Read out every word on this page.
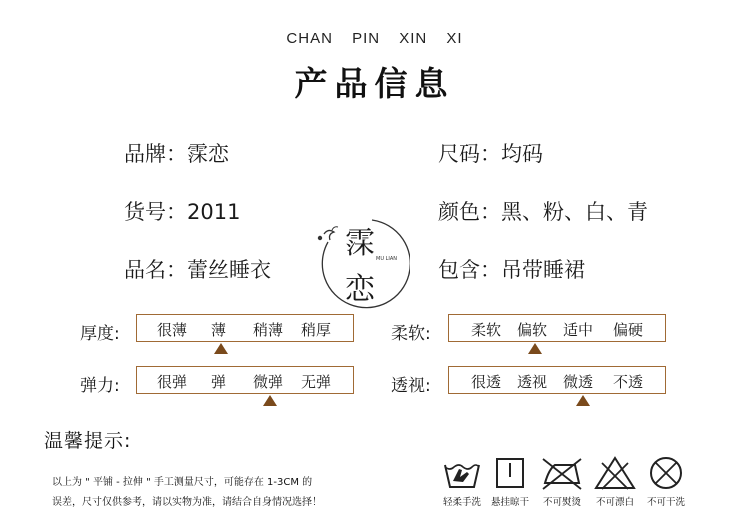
CHAN PIN XIN XI
产品信息
品牌：霂恋	尺码：均码
货号：2011	颜色：黑、粉、白、青
品名：蕾丝睡衣	包含：吊带睡裙
霂
恋
MU LIAN
厚度: 很薄 薄 稍薄 稍厚	柔软:	柔软 偏软 适中 偏硬
弹力: 很弹 弹 微弹 无弹	透视:	很透 透视 微透 不透
温馨提示:
以上为 " 平铺 - 拉伸 " 手工测量尺寸，可能存在 1-3CM 的
误差，尺寸仅供参考，请以实物为准，请结合自身情况选择！	轻柔手洗	悬挂晾干	不可熨烫	不可漂白	不可干洗
